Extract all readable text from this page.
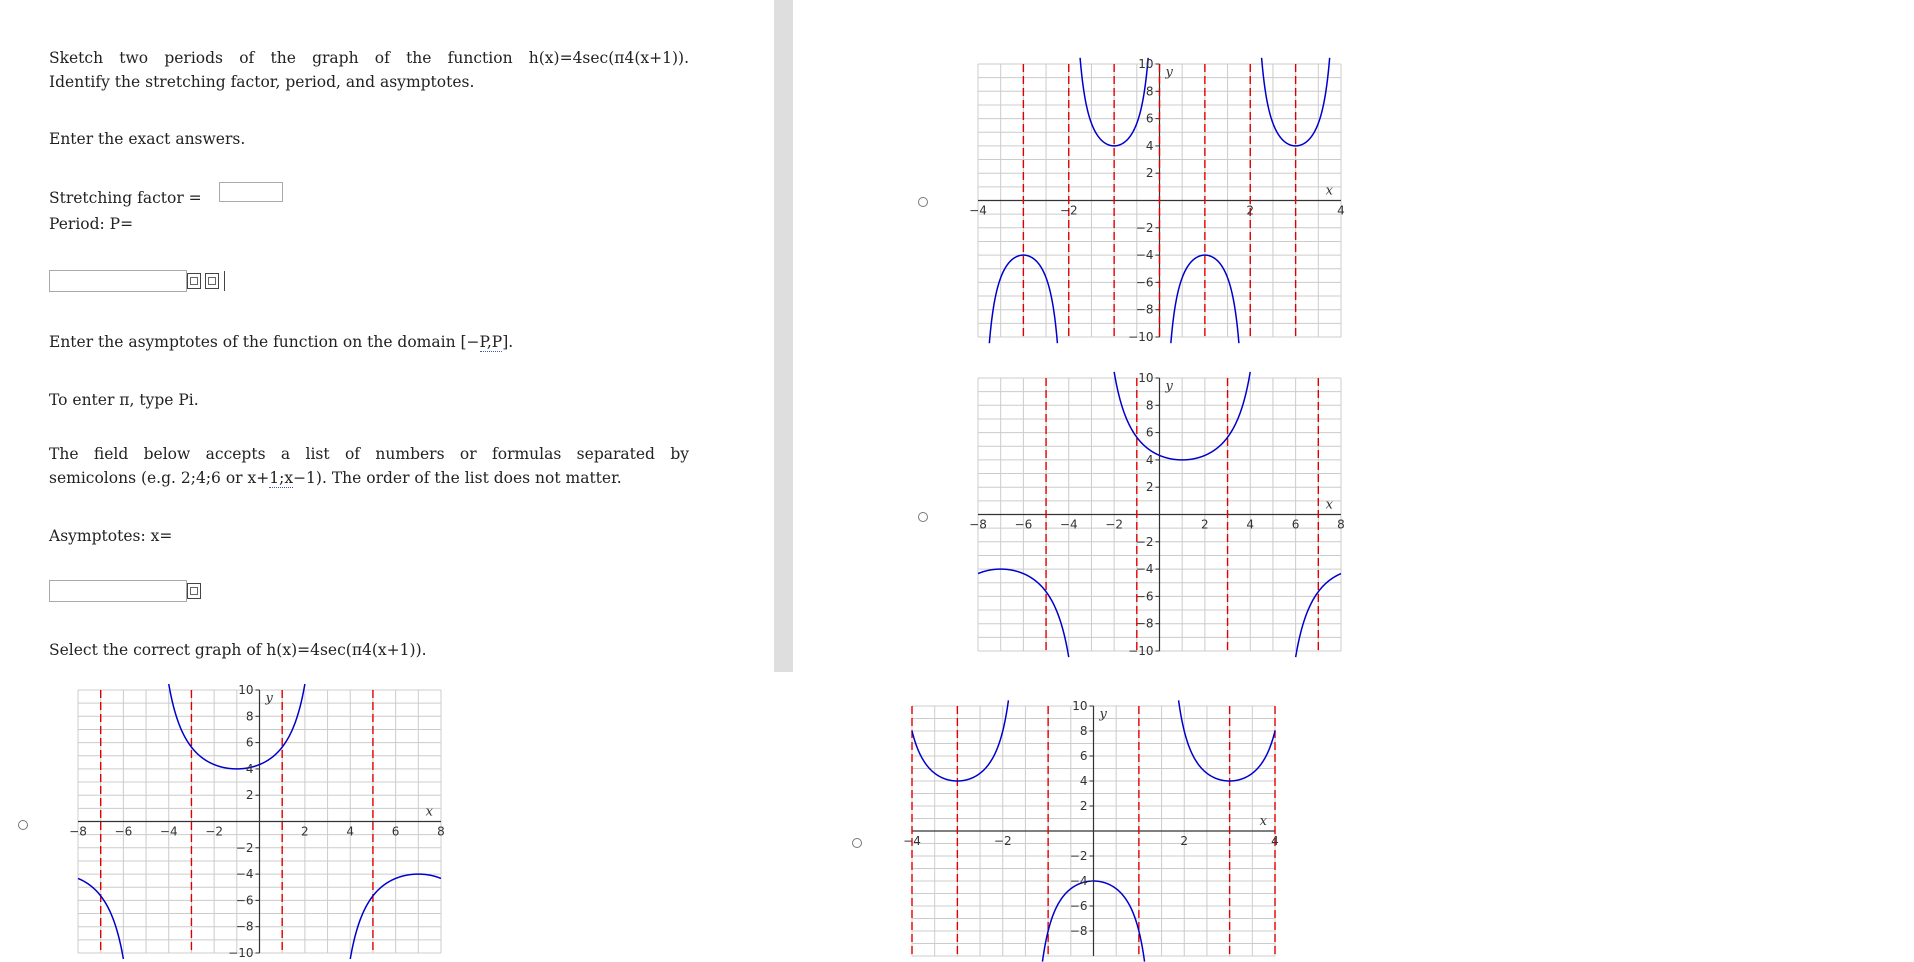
Sketch two periods of the graph of the function h(x)=4sec(π4(x+1)).
Identify the stretching factor, period, and asymptotes.
Enter the exact answers.
Stretching factor =
Period: P=
Enter the asymptotes of the function on the domain [−P,P].
To enter π, type Pi.
The field below accepts a list of numbers or formulas separated by
semicolons (e.g. 2;4;6 or x+1;x−1). The order of the list does not matter.
Asymptotes: x=
Select the correct graph of h(x)=4sec(π4(x+1)).
−8 −6 −4 −2	2	4	6	8
10
8
6
4
2
−2
−4
−6
−8
−10
x
y
−4	−2	2	4
10
8
6
4
2
−2
−4
−6
−8
−10
x
y
−8 −6 −4 −2	2	4	6	8
10
8
6
4
2
−2
−4
−6
−8
−10
x
y
−4	−2	2	4
10
8
6
4
2
−2
−4
−6
−8
x
y
